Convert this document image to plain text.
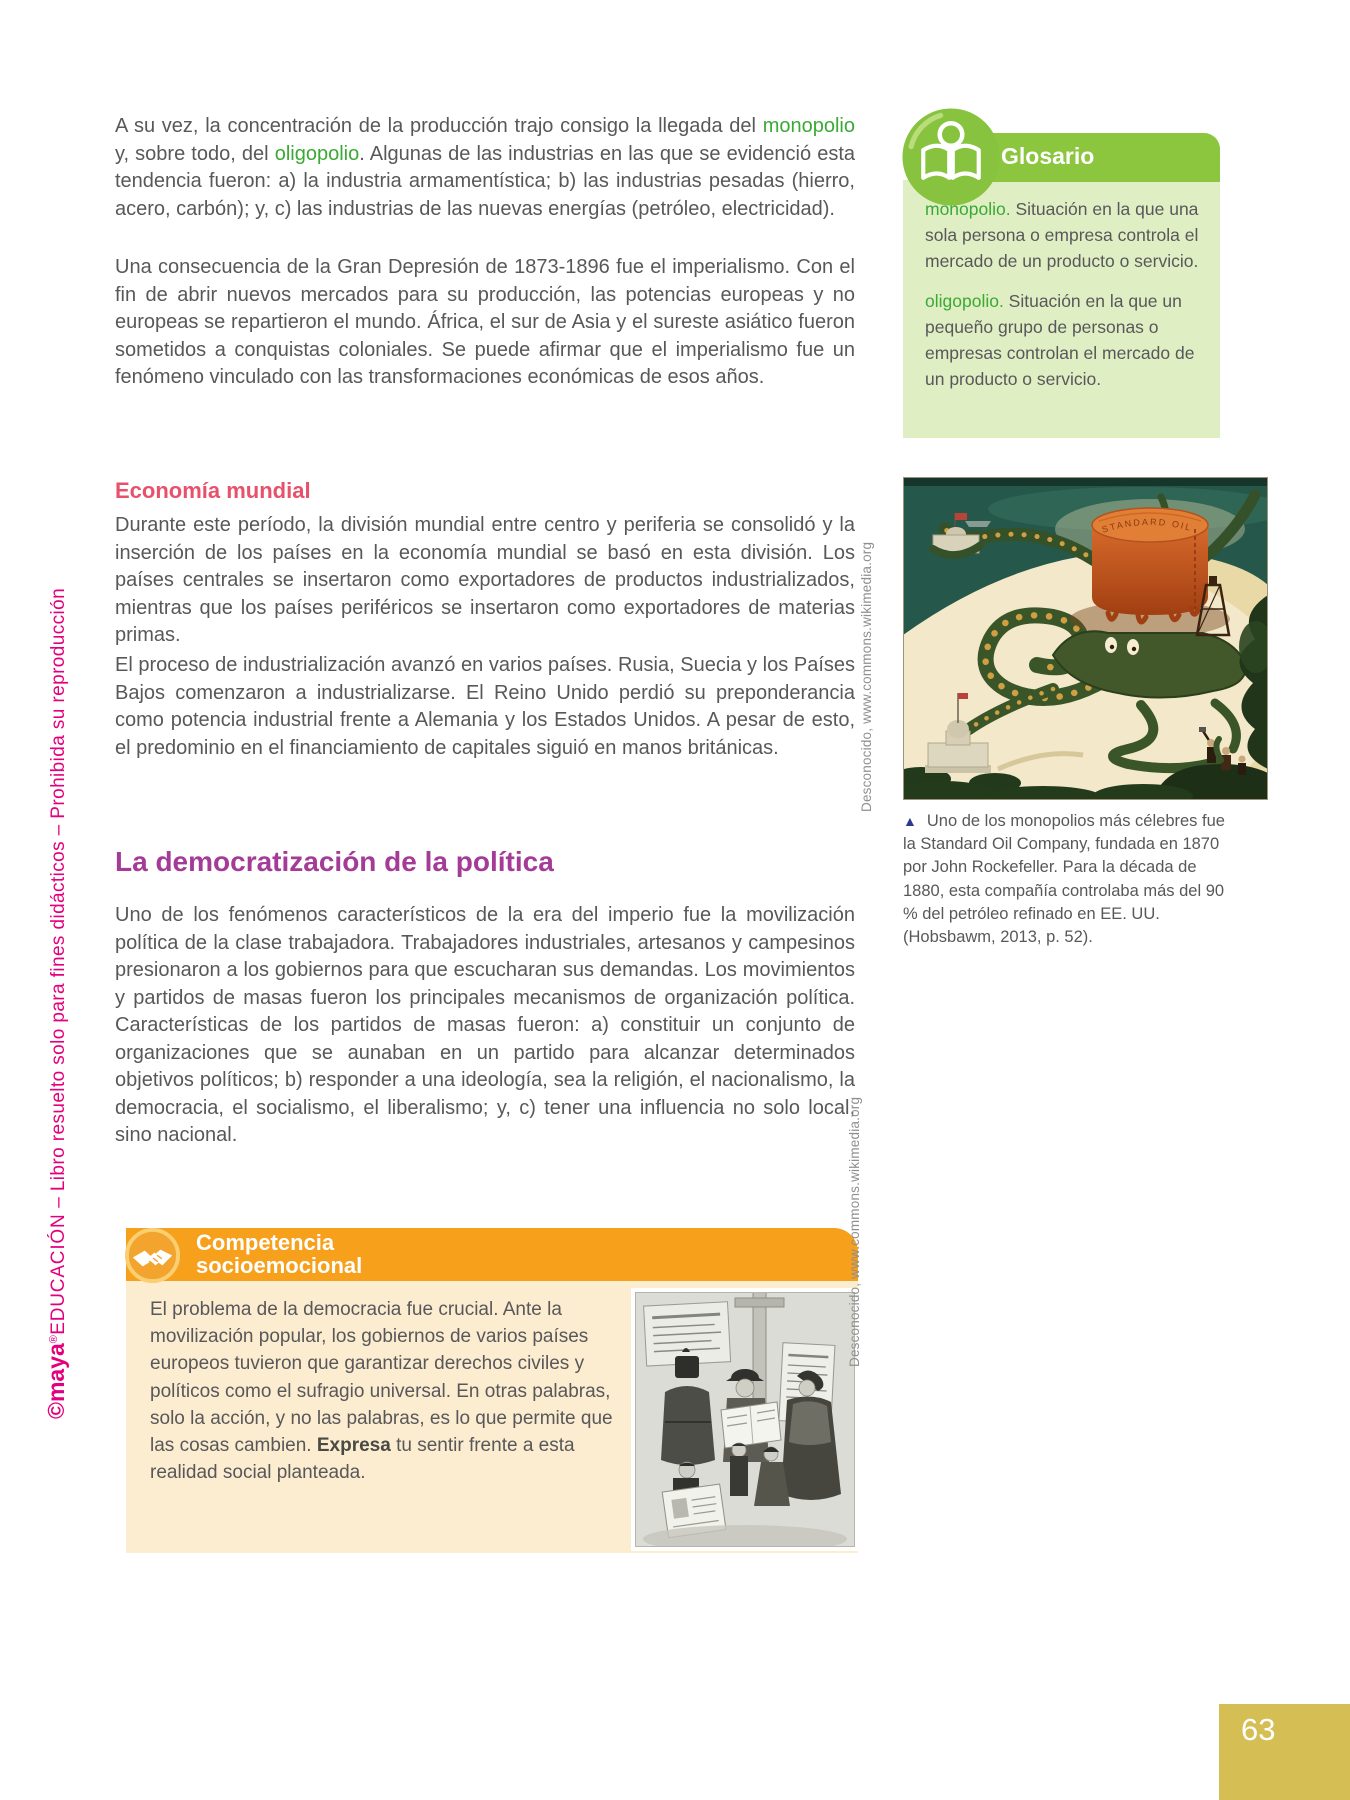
©maya®EDUCACIÓN – Libro resuelto solo para fines didácticos – Prohibida su reproducción

A su vez, la concentración de la producción trajo consigo la llegada del monopolio y, sobre todo, del oligopolio. Algunas de las industrias en las que se evidenció esta tendencia fueron: a) la industria armamentística; b) las industrias pesadas (hierro, acero, carbón); y, c) las industrias de las nuevas energías (petróleo, electricidad).

Una consecuencia de la Gran Depresión de 1873-1896 fue el imperialismo. Con el fin de abrir nuevos mercados para su producción, las potencias europeas y no europeas se repartieron el mundo. África, el sur de Asia y el sureste asiático fueron sometidos a conquistas coloniales. Se puede afirmar que el imperialismo fue un fenómeno vinculado con las transformaciones económicas de esos años.

Economía mundial

Durante este período, la división mundial entre centro y periferia se consolidó y la inserción de los países en la economía mundial se basó en esta división. Los países centrales se insertaron como exportadores de productos industrializados, mientras que los países periféricos se insertaron como exportadores de materias primas.

El proceso de industrialización avanzó en varios países. Rusia, Suecia y los Países Bajos comenzaron a industrializarse. El Reino Unido perdió su preponderancia como potencia industrial frente a Alemania y los Estados Unidos. A pesar de esto, el predominio en el financiamiento de capitales siguió en manos británicas.

La democratización de la política

Uno de los fenómenos característicos de la era del imperio fue la movilización política de la clase trabajadora. Trabajadores industriales, artesanos y campesinos presionaron a los gobiernos para que escucharan sus demandas. Los movimientos y partidos de masas fueron los principales mecanismos de organización política. Características de los partidos de masas fueron: a) constituir un conjunto de organizaciones que se aunaban en un partido para alcanzar determinados objetivos políticos; b) responder a una ideología, sea la religión, el nacionalismo, la democracia, el socialismo, el liberalismo; y, c) tener una influencia no solo local, sino nacional.

Glosario

monopolio. Situación en la que una sola persona o empresa controla el mercado de un producto o servicio.

oligopolio. Situación en la que un pequeño grupo de personas o empresas controlan el mercado de un producto o servicio.

STANDARD OIL
Desconocido, www.commons.wikimedia.org
▲ Uno de los monopolios más célebres fue la Standard Oil Company, fundada en 1870 por John Rockefeller. Para la década de 1880, esta compañía controlaba más del 90 % del petróleo refinado en EE. UU. (Hobsbawm, 2013, p. 52).
Competencia
socioemocional
El problema de la democracia fue crucial. Ante la movilización popular, los gobiernos de varios países europeos tuvieron que garantizar derechos civiles y políticos como el sufragio universal. En otras palabras, solo la acción, y no las palabras, es lo que permite que las cosas cambien. Expresa tu sentir frente a esta realidad social planteada.
Desconocido, www.commons.wikimedia.org
63
